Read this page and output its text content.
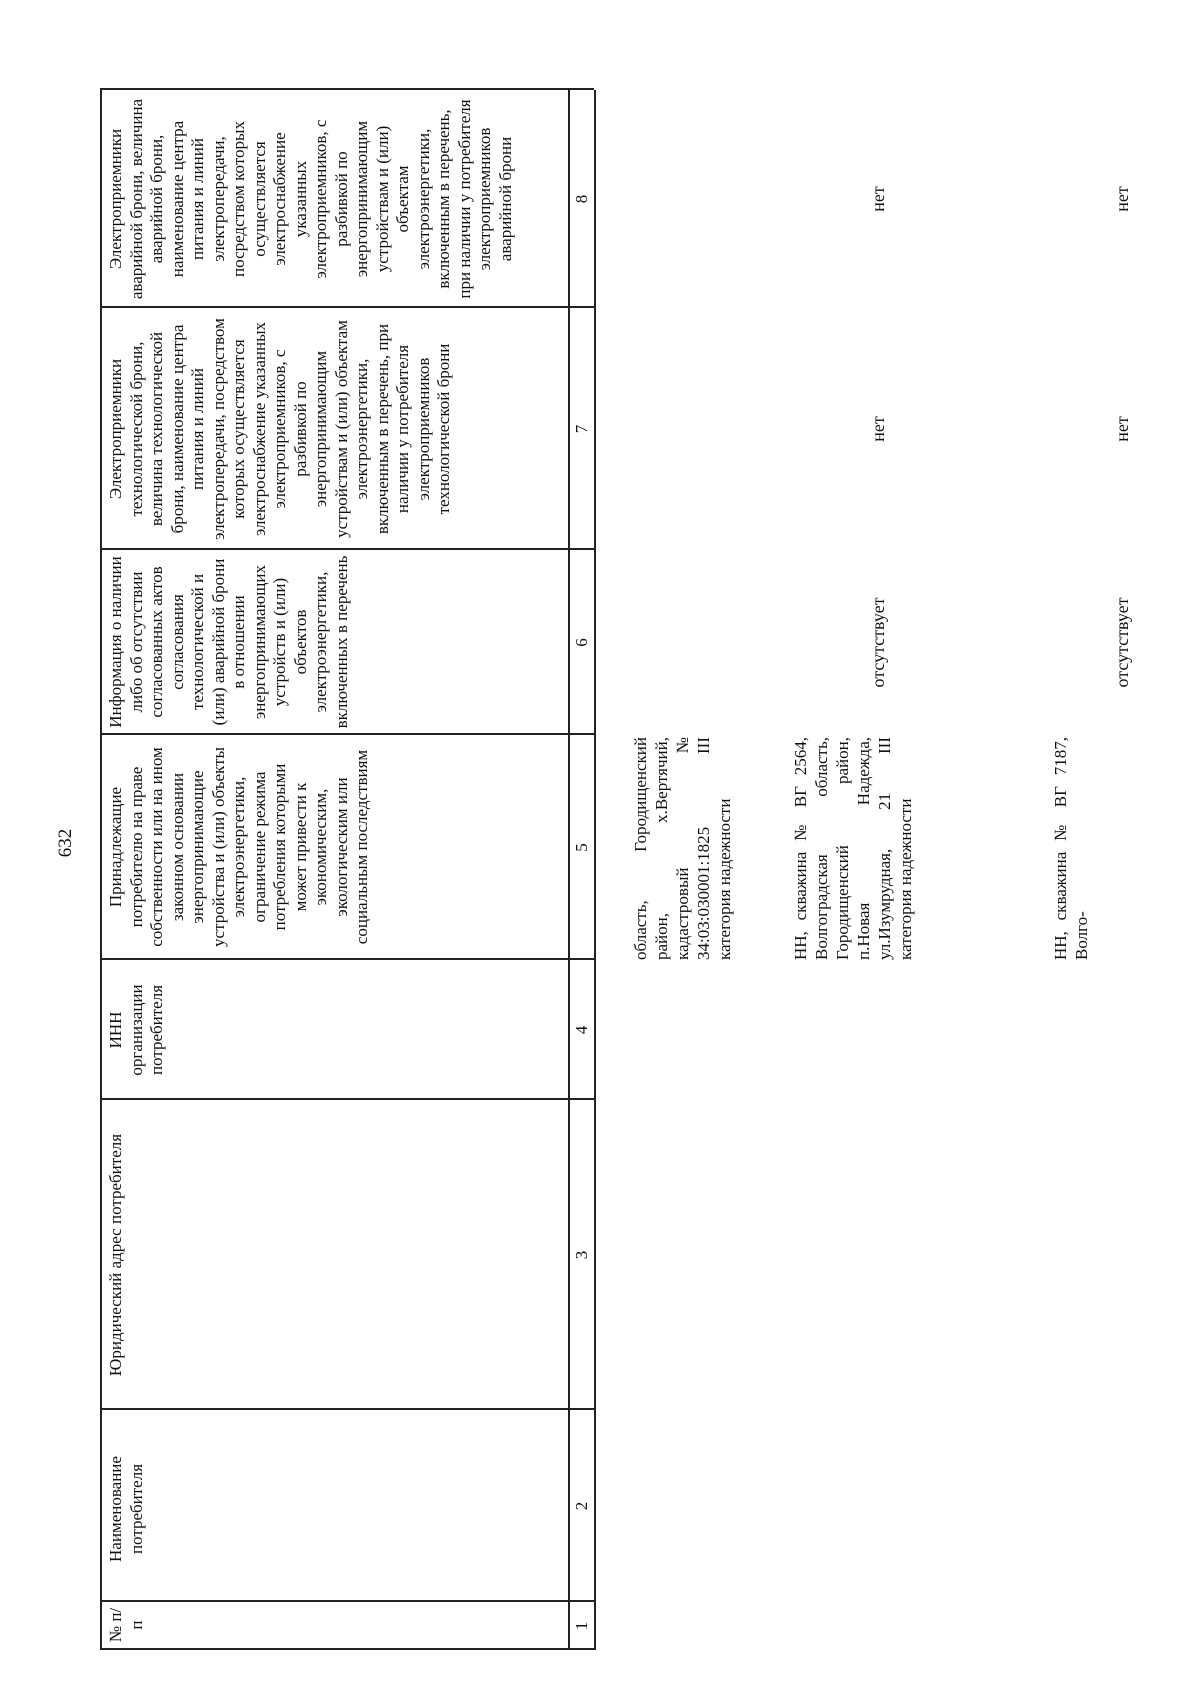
632
№ п/п
Наименование потребителя
Юридический адрес потребителя
ИНН организации потребителя
Принадлежащие потребителю на праве собственности или на ином законном основании энергопринимающие устройства и (или) объекты электроэнергетики, ограничение режима потребления которыми может привести к экономическим, экологическим или социальным последствиям
Информация о наличии либо об отсутствии согласованных актов согласования технологической и (или) аварийной брони в отношении энергопринимающих устройств и (или) объектов электроэнергетики, включенных в перечень
Электроприемники технологической брони, величина технологической брони, наименование центра питания и линий электропередачи, посредством которых осуществляется электроснабжение указанных электроприемников, с разбивкой по энергопринимающим устройствам и (или) объектам электроэнергетики, включенным в перечень, при наличии у потребителя электроприемников технологической брони
Электроприемники аварийной брони, величина аварийной брони, наименование центра питания и линий электропередачи, посредством которых осуществляется электроснабжение указанных электроприемников, с разбивкой по энергопринимающим устройствам и (или) объектам электроэнергетики, включенным в перечень, при наличии у потребителя электроприемников аварийной брони
1
2
3
4
5
6
7
8
область, Городищенский район, х.Вертячий, кадастровый № 34:03:030001:1825 III категория надежности	НН, скважина № ВГ 2564, Волгоградская область, Городищенский район, п.Новая Надежда, ул.Изумрудная, 21 III категория надежности	НН, скважина № ВГ 7187, Волго-
отсутствует
нет
нет
отсутствует
нет
нет
